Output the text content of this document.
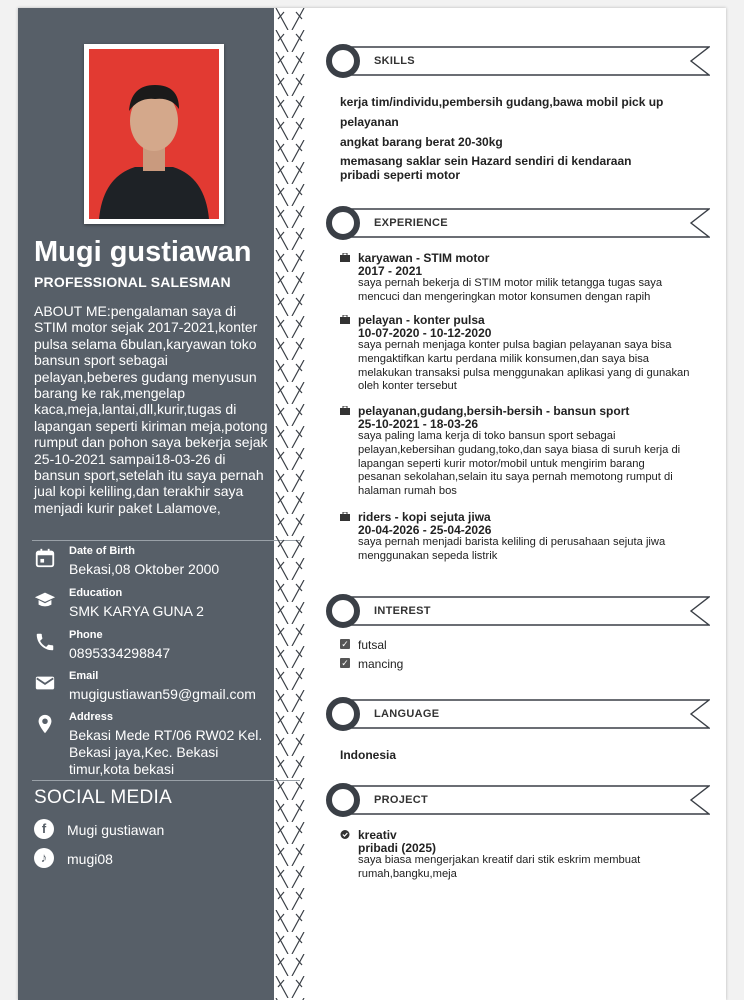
Mugi gustiawan
PROFESSIONAL SALESMAN
ABOUT ME:pengalaman saya di STIM motor sejak 2017-2021,konter pulsa selama 6bulan,karyawan toko bansun sport sebagai pelayan,beberes gudang menyusun barang ke rak,mengelap kaca,meja,lantai,dll,kurir,tugas di lapangan seperti kiriman meja,potong rumput dan pohon saya bekerja sejak 25-10-2021 sampai18-03-26 di bansun sport,setelah itu saya pernah jual kopi keliling,dan terakhir saya menjadi kurir paket Lalamove,
Date of Birth
Bekasi,08 Oktober 2000
Education
SMK KARYA GUNA 2
Phone
0895334298847
Email
mugigustiawan59@gmail.com
Address
Bekasi Mede RT/06 RW02 Kel. Bekasi jaya,Kec. Bekasi timur,kota bekasi
SOCIAL MEDIA
f	Mugi gustiawan
♪	mugi08
SKILLS
kerja tim/individu,pembersih gudang,bawa mobil pick up
pelayanan
angkat barang berat 20-30kg
memasang saklar sein Hazard sendiri di kendaraan
pribadi seperti motor
EXPERIENCE
karyawan - STIM motor
2017 - 2021
saya pernah bekerja di STIM motor milik tetangga tugas saya mencuci dan mengeringkan motor konsumen dengan rapih
pelayan - konter pulsa
10-07-2020 - 10-12-2020
saya pernah menjaga konter pulsa bagian pelayanan saya bisa mengaktifkan kartu perdana milik konsumen,dan saya bisa melakukan transaksi pulsa menggunakan aplikasi yang di gunakan oleh konter tersebut
pelayanan,gudang,bersih-bersih - bansun sport
25-10-2021 - 18-03-26
saya paling lama kerja di toko bansun sport sebagai pelayan,kebersihan gudang,toko,dan saya biasa di suruh kerja di lapangan seperti kurir motor/mobil untuk mengirim barang pesanan sekolahan,selain itu saya pernah memotong rumput di halaman rumah bos
riders - kopi sejuta jiwa
20-04-2026 - 25-04-2026
saya pernah menjadi barista keliling di perusahaan sejuta jiwa menggunakan sepeda listrik
INTEREST
✓ futsal
✓ mancing
LANGUAGE
Indonesia
PROJECT
kreativ
pribadi (2025)
saya biasa mengerjakan kreatif dari stik eskrim membuat rumah,bangku,meja
